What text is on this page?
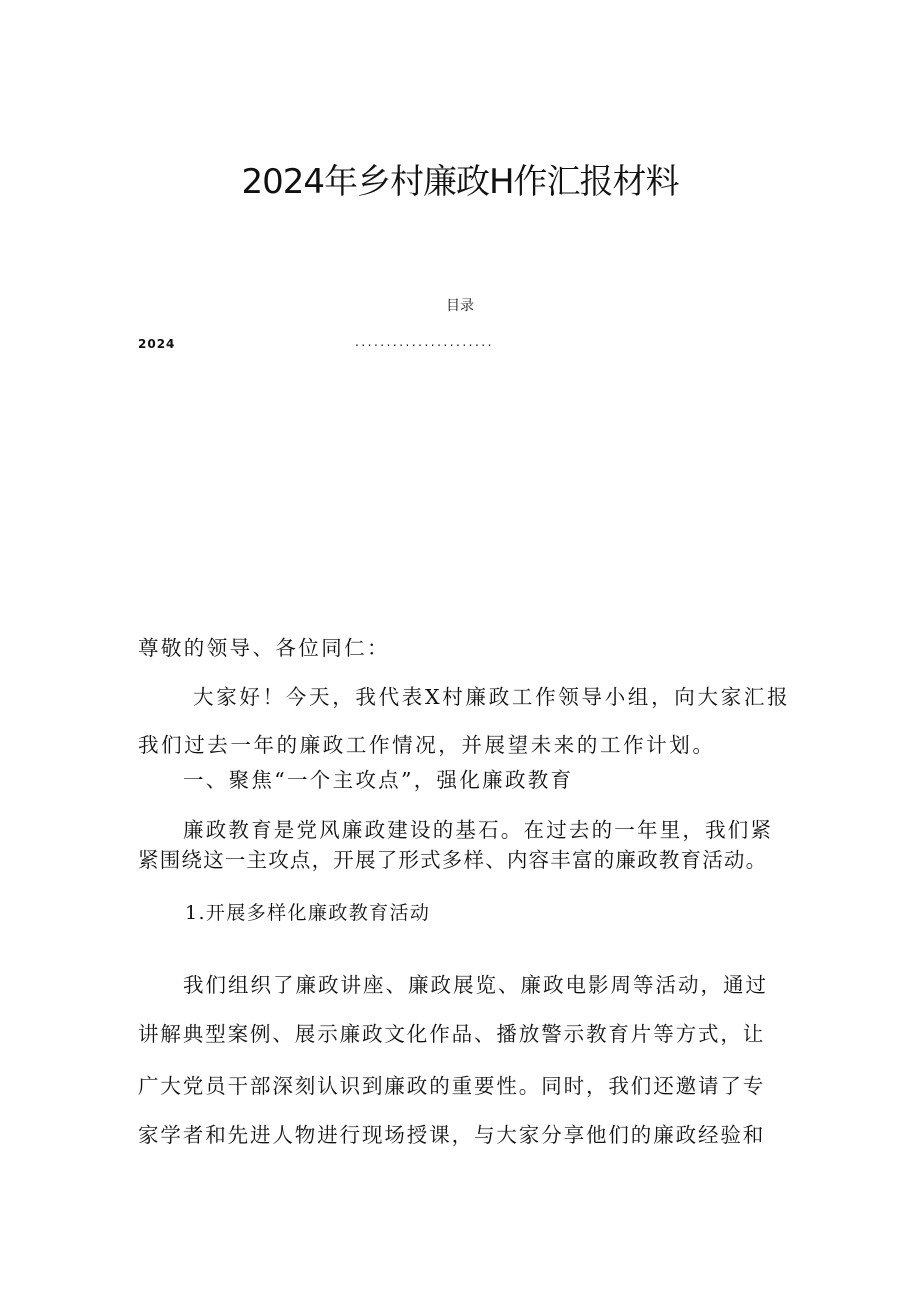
2024年乡村廉政H作汇报材料
目录
2024	......................
尊敬的领导、各位同仁：
大家好！今天，我代表X村廉政工作领导小组，向大家汇报
我们过去一年的廉政工作情况，并展望未来的工作计划。
一、聚焦“一个主攻点”，强化廉政教育
廉政教育是党风廉政建设的基石。在过去的一年里，我们紧
紧围绕这一主攻点，开展了形式多样、内容丰富的廉政教育活动。
1.开展多样化廉政教育活动
我们组织了廉政讲座、廉政展览、廉政电影周等活动，通过
讲解典型案例、展示廉政文化作品、播放警示教育片等方式，让
广大党员干部深刻认识到廉政的重要性。同时，我们还邀请了专
家学者和先进人物进行现场授课，与大家分享他们的廉政经验和
